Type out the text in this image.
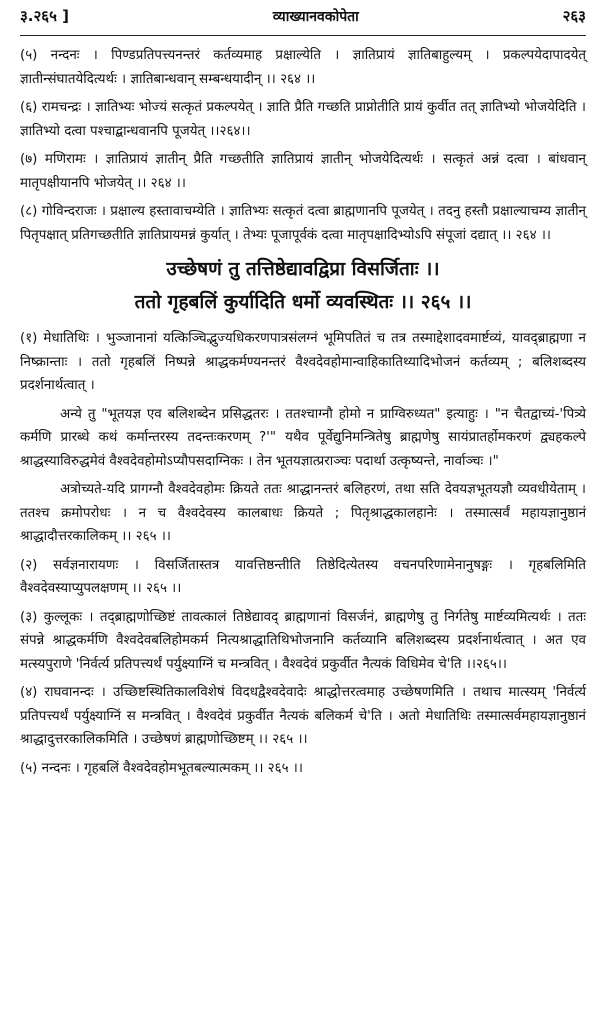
३.२६५ ]	व्याख्यानवकोपेता	२६३

(५) नन्दनः । पिण्डप्रतिपत्त्यनन्तरं कर्तव्यमाह प्रक्षाल्येति । ज्ञातिप्रायं ज्ञातिबाहुल्यम् । प्रकल्पयेदापादयेत् ज्ञातीन्संघातयेदित्यर्थः । ज्ञातिबान्धवान् सम्बन्धयादीन् ।। २६४ ।।

(६) रामचन्द्रः । ज्ञातिभ्यः भोज्यं सत्कृतं प्रकल्पयेत् । ज्ञाति प्रैति गच्छति प्राप्नोतीति प्रायं कुर्वीत तत् ज्ञातिभ्यो भोजयेदिति । ज्ञातिभ्यो दत्वा पश्चाद्बान्धवानपि पूजयेत् ।।२६४।।

(७) मणिरामः । ज्ञातिप्रायं ज्ञातीन् प्रैति गच्छतीति ज्ञातिप्रायं ज्ञातीन् भोजयेदित्यर्थः । सत्कृतं अन्नं दत्वा । बांधवान् मातृपक्षीयानपि भोजयेत् ।। २६४ ।।

(८) गोविन्दराजः । प्रक्षाल्य हस्तावाचम्येति । ज्ञातिभ्यः सत्कृतं दत्वा ब्राह्मणानपि पूजयेत् । तदनु हस्तौ प्रक्षाल्याचम्य ज्ञातीन् पितृपक्षात् प्रतिगच्छतीति ज्ञातिप्रायमन्नं कुर्यात् । तेभ्यः पूजापूर्वकं दत्वा मातृपक्षादिभ्योऽपि संपूजां दद्यात् ।। २६४ ।।

उच्छेषणं तु तत्तिष्ठेद्यावद्विप्रा विसर्जिताः ।।
ततो गृहबलिं कुर्यादिति धर्मो व्यवस्थितः ।। २६५ ।।

(१) मेधातिथिः । भुञ्जानानां यत्किञ्चिद्भुज्यधिकरणपात्रसंलग्नं भूमिपतितं च तत्र तस्माद्देशादवमार्ष्टव्यं, यावद्ब्राह्मणा न निष्क्रान्ताः । ततो गृहबलिं निष्पन्ने श्राद्धकर्मण्यनन्तरं वैश्वदेवहोमान्वाहिकातिथ्यादिभोजनं कर्तव्यम् ; बलिशब्दस्य प्रदर्शनार्थत्वात् ।

अन्ये तु "भूतयज्ञ एव बलिशब्देन प्रसिद्धतरः । ततश्चाग्नौ होमो न प्राग्विरुध्यत" इत्याहुः । "न चैतद्वाच्यं-'पित्र्ये कर्मणि प्रारब्धे कथं कर्मान्तरस्य तदन्तःकरणम् ?'" यथैव पूर्वेद्युनिमन्त्रितेषु ब्राह्मणेषु सायंप्रातर्होमकरणं द्व्यहकल्पे श्राद्धस्याविरुद्धमेवं वैश्वदेवहोमोऽप्यौपसदाग्निकः । तेन भूतयज्ञात्प्रराञ्चः पदार्था उत्कृष्यन्ते, नार्वाञ्चः ।"

अत्रोच्यते-यदि प्रागग्नौ वैश्वदेवहोमः क्रियते ततः श्राद्धानन्तरं बलिहरणं, तथा सति देवयज्ञभूतयज्ञौ व्यवधीयेताम् । ततश्च क्रमोपरोधः । न च वैश्वदेवस्य कालबाधः क्रियते ; पितृश्राद्धकालहानेः । तस्मात्सर्वं महायज्ञानुष्ठानं श्राद्धादौत्तरकालिकम् ।। २६५ ।।

(२) सर्वज्ञनारायणः । विसर्जितास्तत्र यावत्तिष्ठन्तीति तिष्ठेदित्येतस्य वचनपरिणामेनानुषङ्गः । गृहबलिमिति वैश्वदेवस्याप्युपलक्षणम् ।। २६५ ।।

(३) कुल्लूकः । तद्ब्राह्मणोच्छिष्टं तावत्कालं तिष्ठेद्यावद् ब्राह्मणानां विसर्जनं, ब्राह्मणेषु तु निर्गतेषु मार्ष्टव्यमित्यर्थः । ततः संपन्ने श्राद्धकर्मणि वैश्वदेवबलिहोमकर्म नित्यश्राद्धातिथिभोजनानि कर्तव्यानि बलिशब्दस्य प्रदर्शनार्थत्वात् । अत एव मत्स्यपुराणे 'निर्वर्त्य प्रतिपत्त्यर्थं पर्युक्ष्याग्निं च मन्त्रवित् । वैश्वदेवं प्रकुर्वीत नैत्यकं विधिमेव चे'ति ।।२६५।।

(४) राघवानन्दः । उच्छिष्टस्थितिकालविशेषं विदधद्वैश्वदेवादेः श्राद्धोत्तरत्वमाह उच्छेषणमिति । तथाच मात्स्यम् 'निर्वर्त्य प्रतिपत्त्यर्थं पर्युक्ष्याग्निं स मन्त्रवित् । वैश्वदेवं प्रकुर्वीत नैत्यकं बलिकर्म चे'ति । अतो मेधातिथिः तस्मात्सर्वमहायज्ञानुष्ठानं श्राद्धादुत्तरकालिकमिति । उच्छेषणं ब्राह्मणोच्छिष्टम् ।। २६५ ।।

(५) नन्दनः । गृहबलिं वैश्वदेवहोमभूतबल्यात्मकम् ।। २६५ ।।
